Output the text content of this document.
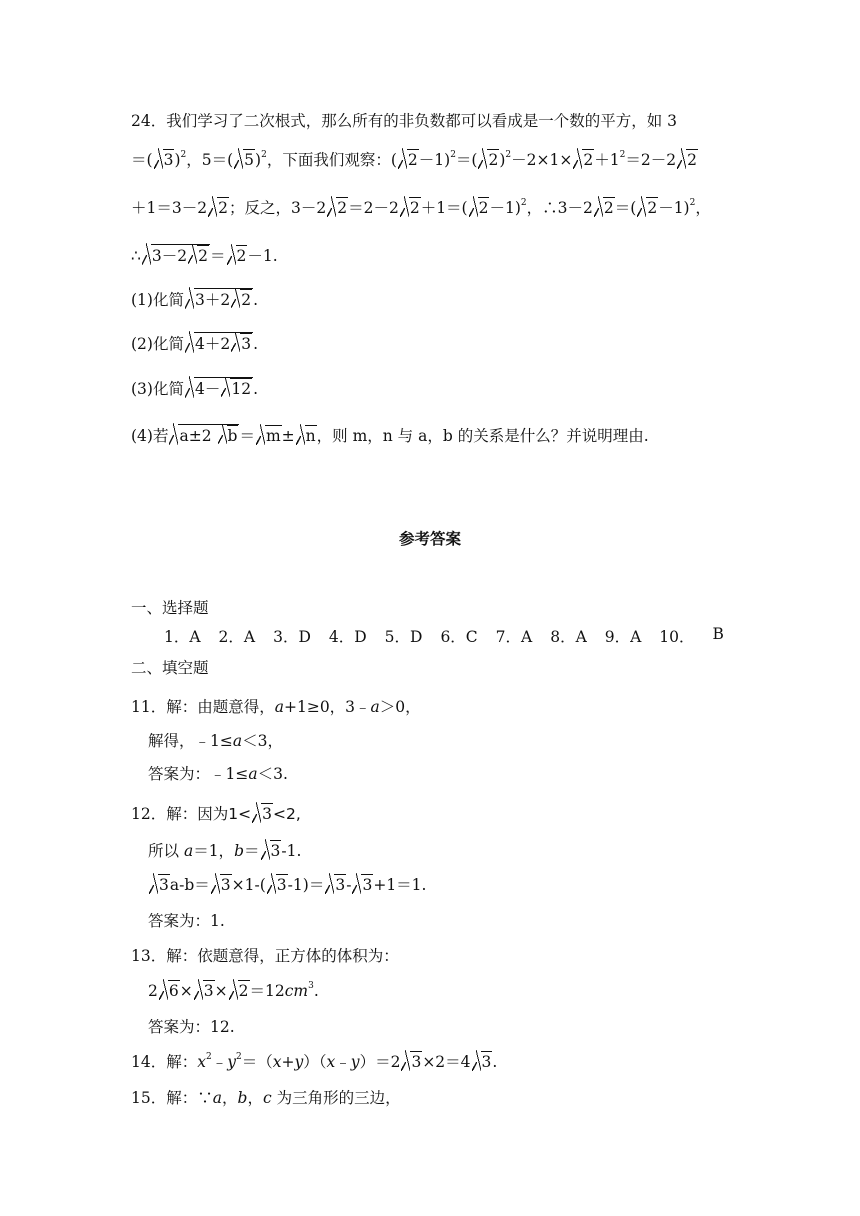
24．我们学习了二次根式，那么所有的非负数都可以看成是一个数的平方，如 3
＝( 3)$^2$，5＝( 5)$^2$，下面我们观察：( 2－1)$^2$＝( $2)^2-2\times 1\times 2+1^2=2-2$ 2
＋1＝3－2 2；反之，3－2 2＝2－2 2＋1＝( 2－1)$^2$，∴3－2 2＝( 2－1)$^2$，
∴ 3－2 2 ＝ 2－1.
(1)化简 3＋2 2 .
(2)化简 4＋2 3 .
(3)化简 4－ 12 .
(4)若 a±2 b ＝ m± n，则 m，n 与 a，b 的关系是什么？并说明理由.
参考答案
一、选择题
1．A 2．A 3．D 4．D 5．D 6．C 7．A 8．A 9．A 10． B
二、填空题
11．解：由题意得，a+1≥0，3﹣a＞0，
解得，﹣1≤a＜3，
答案为：﹣1≤a＜3.
12．解：因为1< 3<2,
所以 a＝1，b＝ 3-1.
3a-b＝ 3×1-( 3-1)＝ 3- 3+1＝1.
答案为：1.
13．解：依题意得，正方体的体积为：
2 $6\times 3\times 2=12cm^3$.
答案为：12.
14．解：$x^2﹣y^2=(x+y)(x﹣y)=2$ 3×2＝4 3.
15．解：∵a，b，c 为三角形的三边，
